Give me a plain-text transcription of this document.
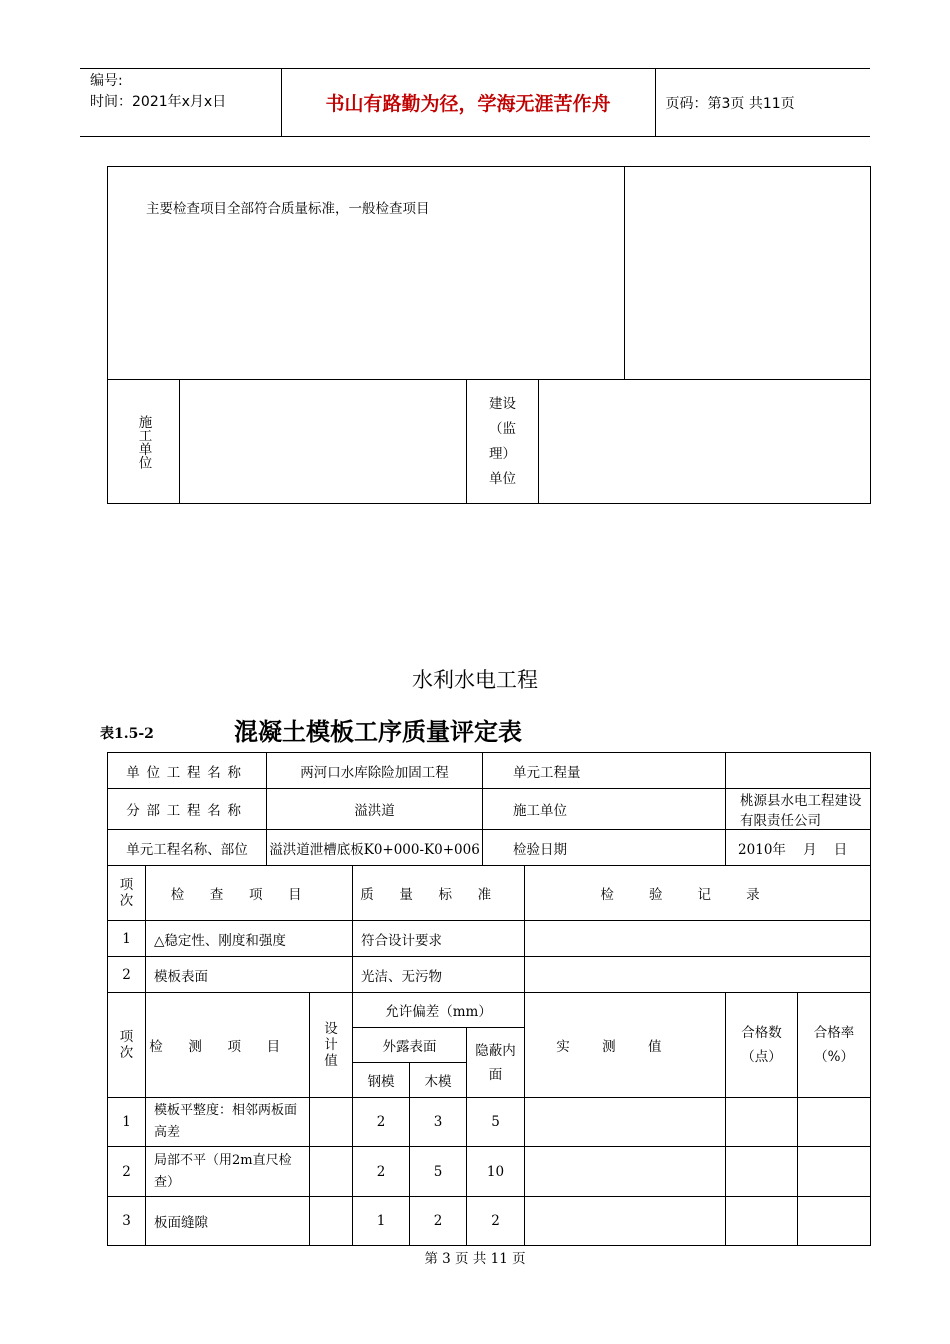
编号:
时间：2021年x月x日	书山有路勤为径，学海无涯苦作舟	页码：第3页 共11页
主要检查项目全部符合质量标准，一般检查项目				

施工单位		建设
（监
理）
单位		

水利水电工程
表1.5-2	混凝土模板工序质量评定表
单位工程名称		两河口水库除险加固工程					单元工程量			
分部工程名称		溢洪道					施工单位		桃源县水电工程建设有限责任公司	
单元工程名称、部位		溢洪道泄槽底板K0+000-K0+006					检验日期		2010年    月    日	
项次	检查项目			质量标准				检验记录		
1	△稳定性、刚度和强度			符合设计要求						
2	模板表面			光洁、无污物						
项次	检测项目		设计值	允许偏差（mm）				实测值	合格数（点）	合格率（%）
				外露表面		隐蔽内面				
				钢模	木模					
1	模板平整度：相邻两板面高差			2	3	5				
2	局部不平（用2m直尺检查）			2	5	10				
3	板面缝隙			1	2	2				
第 3 页 共 11 页
